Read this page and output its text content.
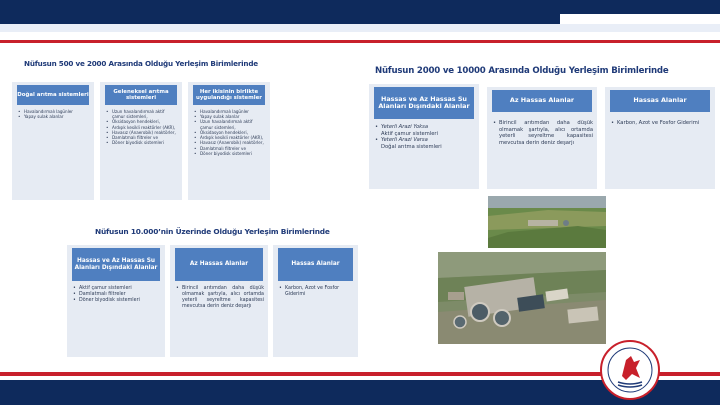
Nüfusun 500 ve 2000 Arasında Olduğu Yerleşim Birimlerinde
Doğal arıtma sistemleri
• Havalandırmalı lagünler
• Yapay sulak alanlar
Geleneksel arıtma sistemleri
• Uzun havalandırmalı aktif çamur sistemleri,
• Oksidasyon hendekleri,
• Ardışık kesikli reaktörler (AKR),
• Havasız (Anaerobik) reaktörler,
• Damlatmalı filtreler ve
• Döner biyodisk sistemleri
Her ikisinin birlikte uygulandığı sistemler
• Havalandırmalı lagünler
• Yapay sulak alanlar
• Uzun havalandırmalı aktif çamur sistemleri,
• Oksidasyon hendekleri,
• Ardışık kesikli reaktörler (AKR),
• Havasız (Anaerobik) reaktörler,
• Damlatmalı filtreler ve
• Döner biyodisk sistemleri
Nüfusun 2000 ve 10000 Arasında Olduğu Yerleşim Birimlerinde
Hassas ve Az Hassas Su Alanları Dışındaki Alanlar
• Yeterli Arazi Yoksa
Aktif çamur sistemleri
• Yeterli Arazi Varsa
Doğal arıtma sistemleri
Az Hassas Alanlar
• Birincil arıtımdan daha düşük olmamak şartıyla, alıcı ortamda yeterli seyreltme kapasitesi mevcutsa derin deniz deşarjı
Hassas Alanlar
• Karbon, Azot ve Fosfor Giderimi
Nüfusun 10.000’nin Üzerinde Olduğu Yerleşim Birimlerinde
Hassas ve Az Hassas Su Alanları Dışındaki Alanlar
• Aktif çamur sistemleri
• Damlatmalı filtreler
• Döner biyodisk sistemleri
Az Hassas Alanlar
• Birincil arıtımdan daha düşük olmamak şartıyla, alıcı ortamda yeterli seyreltme kapasitesi mevcutsa derin deniz deşarjı
Hassas Alanlar
• Karbon, Azot ve Fosfor Giderimi
